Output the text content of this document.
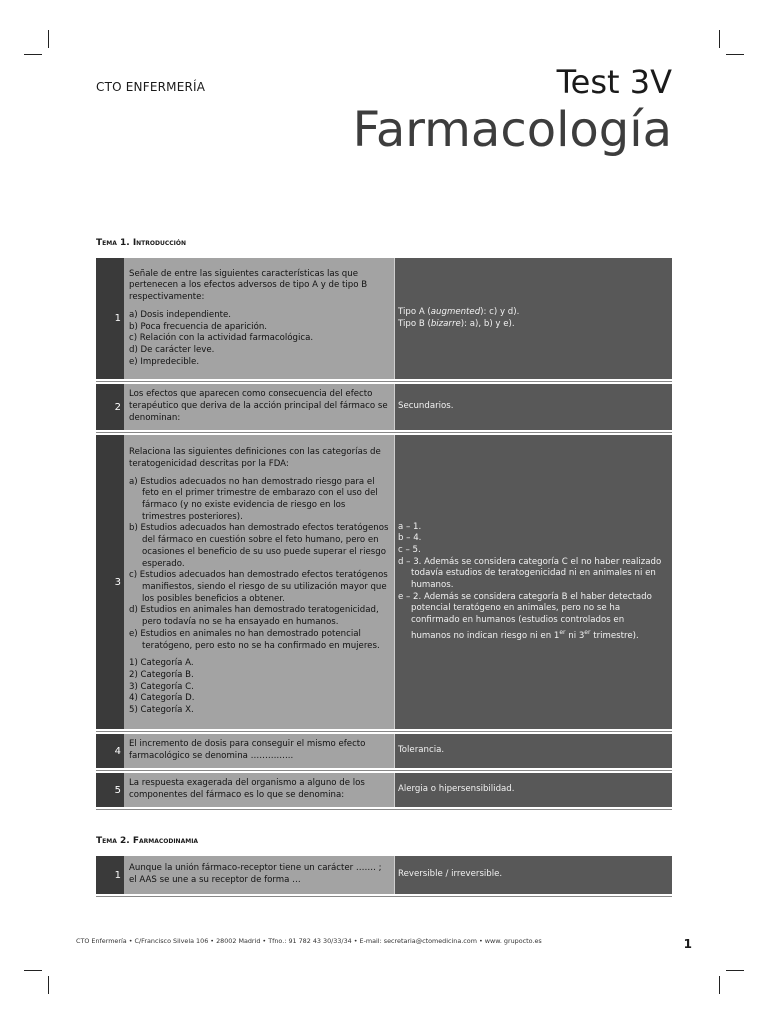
CTO ENFERMERÍA	Test 3V
Farmacología
Tema 1. Introducción
1
Señale de entre las siguientes características las que pertenecen a los efectos adversos de tipo A y de tipo B respectivamente:
a) Dosis independiente.
b) Poca frecuencia de aparición.
c) Relación con la actividad farmacológica.
d) De carácter leve.
e) Impredecible.
Tipo A (augmented): c) y d).
Tipo B (bizarre): a), b) y e).
2
Los efectos que aparecen como consecuencia del efecto terapéutico que deriva de la acción principal del fármaco se denominan:
Secundarios.
3
Relaciona las siguientes definiciones con las categorías de teratogenicidad descritas por la FDA:
a) Estudios adecuados no han demostrado riesgo para el feto en el primer trimestre de embarazo con el uso del fármaco (y no existe evidencia de riesgo en los trimestres posteriores).
b) Estudios adecuados han demostrado efectos teratógenos del fármaco en cuestión sobre el feto humano, pero en ocasiones el beneficio de su uso puede superar el riesgo esperado.
c) Estudios adecuados han demostrado efectos teratógenos manifiestos, siendo el riesgo de su utilización mayor que los posibles beneficios a obtener.
d) Estudios en animales han demostrado teratogenicidad, pero todavía no se ha ensayado en humanos.
e) Estudios en animales no han demostrado potencial teratógeno, pero esto no se ha confirmado en mujeres.
1) Categoría A.
2) Categoría B.
3) Categoría C.
4) Categoría D.
5) Categoría X.
a – 1.
b – 4.
c – 5.
d – 3. Además se considera categoría C el no haber realizado todavía estudios de teratogenicidad ni en animales ni en humanos.
e – 2. Además se considera categoría B el haber detectado potencial teratógeno en animales, pero no se ha confirmado en humanos (estudios controlados en humanos no indican riesgo ni en 1er ni 3er trimestre).
4
El incremento de dosis para conseguir el mismo efecto farmacológico se denomina …………...
Tolerancia.
5
La respuesta exagerada del organismo a alguno de los componentes del fármaco es lo que se denomina:
Alergia o hipersensibilidad.
Tema 2. Farmacodinamia
1
Aunque la unión fármaco-receptor tiene un carácter ……. ; el AAS se une a su receptor de forma …
Reversible / irreversible.
CTO Enfermería • C/Francisco Silvela 106 • 28002 Madrid • Tfno.: 91 782 43 30/33/34 • E-mail: secretaria@ctomedicina.com • www. grupocto.es	1
